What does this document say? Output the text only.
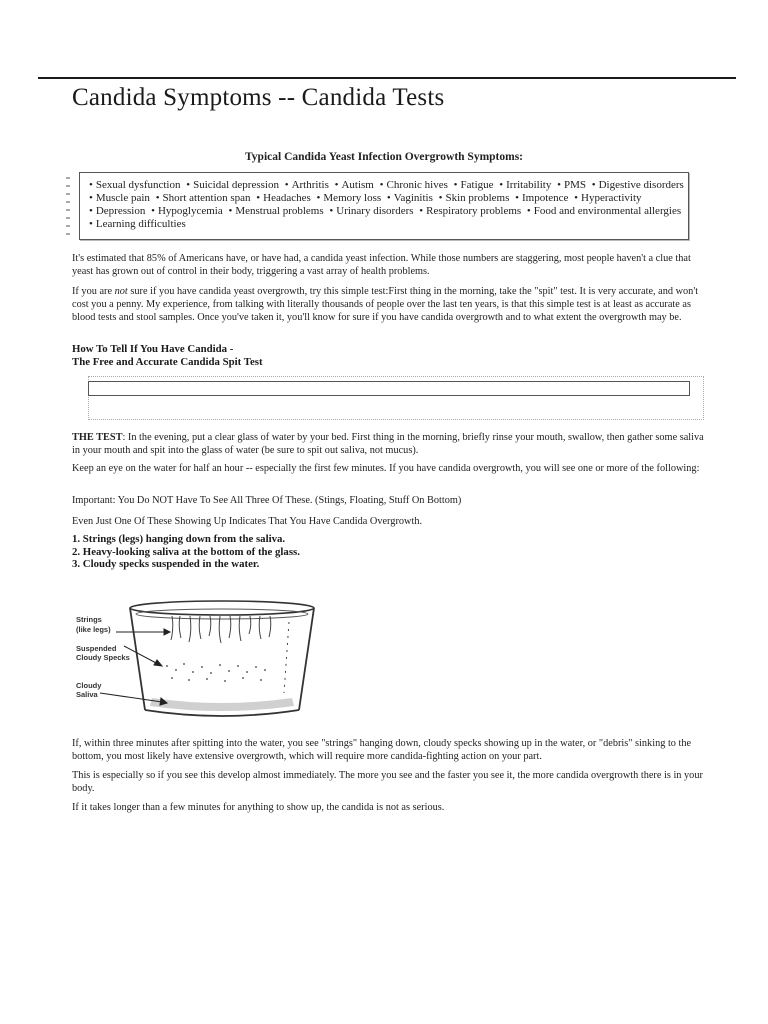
Candida Symptoms -- Candida Tests
Typical Candida Yeast Infection Overgrowth Symptoms:
• Sexual dysfunction • Suicidal depression • Arthritis • Autism • Chronic hives • Fatigue • Irritability • PMS • Digestive disorders • Muscle pain • Short attention span • Headaches • Memory loss • Vaginitis • Skin problems • Impotence • Hyperactivity • Depression • Hypoglycemia • Menstrual problems • Urinary disorders • Respiratory problems • Food and environmental allergies • Learning difficulties

It's estimated that 85% of Americans have, or have had, a candida yeast infection. While those numbers are staggering, most people haven't a clue that yeast has grown out of control in their body, triggering a vast array of health problems.

If you are not sure if you have candida yeast overgrowth, try this simple test:First thing in the morning, take the "spit" test. It is very accurate, and won't cost you a penny. My experience, from talking with literally thousands of people over the last ten years, is that this simple test is at least as accurate as blood tests and stool samples. Once you've taken it, you'll know for sure if you have candida overgrowth and to what extent the overgrowth may be.

How To Tell If You Have Candida -
The Free and Accurate Candida Spit Test

THE TEST: In the evening, put a clear glass of water by your bed. First thing in the morning, briefly rinse your mouth, swallow, then gather some saliva in your mouth and spit into the glass of water (be sure to spit out saliva, not mucus).

Keep an eye on the water for half an hour -- especially the first few minutes. If you have candida overgrowth, you will see one or more of the following:

Important: You Do NOT Have To See All Three Of These. (Stings, Floating, Stuff On Bottom)

Even Just One Of These Showing Up Indicates That You Have Candida Overgrowth.

1. Strings (legs) hanging down from the saliva.
2. Heavy-looking saliva at the bottom of the glass.
3. Cloudy specks suspended in the water.
Strings
(like legs)
Suspended
Cloudy Specks
Cloudy
Saliva

If, within three minutes after spitting into the water, you see "strings" hanging down, cloudy specks showing up in the water, or "debris" sinking to the bottom, you most likely have extensive overgrowth, which will require more candida-fighting action on your part.

This is especially so if you see this develop almost immediately. The more you see and the faster you see it, the more candida overgrowth there is in your body.

If it takes longer than a few minutes for anything to show up, the candida is not as serious.
